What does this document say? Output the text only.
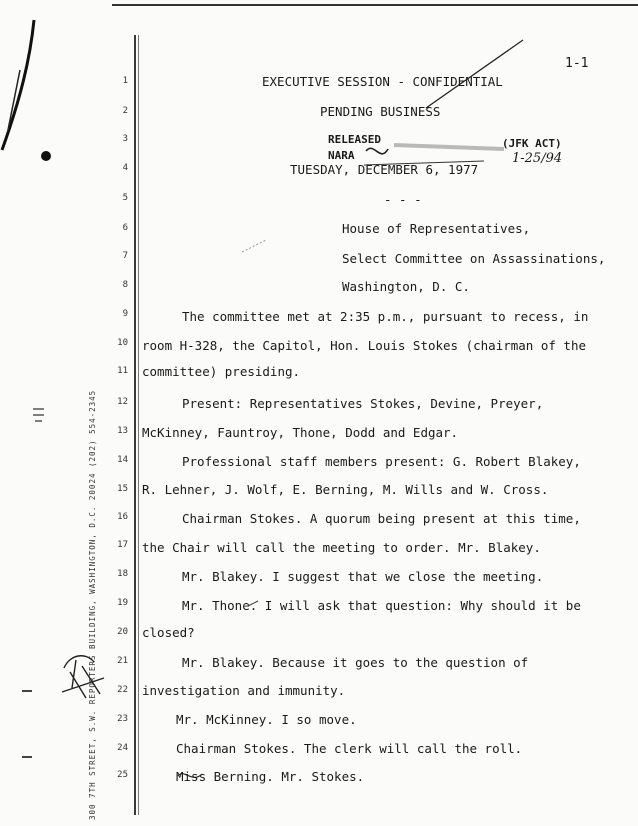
300 7TH STREET, S.W. REPORTERS BUILDING, WASHINGTON, D.C. 20024 (202) 554-2345
1-1
1
2
3
4
5
6
7
8
9
10
11
12
13
14
15
16
17
18
19
20
21
22
23
24
25
EXECUTIVE SESSION - CONFIDENTIAL
PENDING BUSINESS
RELEASED	(JFK ACT)
NARA	1-25/94
TUESDAY, DECEMBER 6, 1977
- - -
House of Representatives,
Select Committee on Assassinations,
Washington, D. C.
The committee met at 2:35 p.m., pursuant to recess, in
room H-328, the Capitol, Hon. Louis Stokes (chairman of the
committee) presiding.
Present: Representatives Stokes, Devine, Preyer,
McKinney, Fauntroy, Thone, Dodd and Edgar.
Professional staff members present: G. Robert Blakey,
R. Lehner, J. Wolf, E. Berning, M. Wills and W. Cross.
Chairman Stokes. A quorum being present at this time,
the Chair will call the meeting to order. Mr. Blakey.
Mr. Blakey. I suggest that we close the meeting.
Mr. Thone. I will ask that question: Why should it be
closed?
Mr. Blakey. Because it goes to the question of
investigation and immunity.
Mr. McKinney. I so move.
Chairman Stokes. The clerk will call the roll.
Miss Berning. Mr. Stokes.
